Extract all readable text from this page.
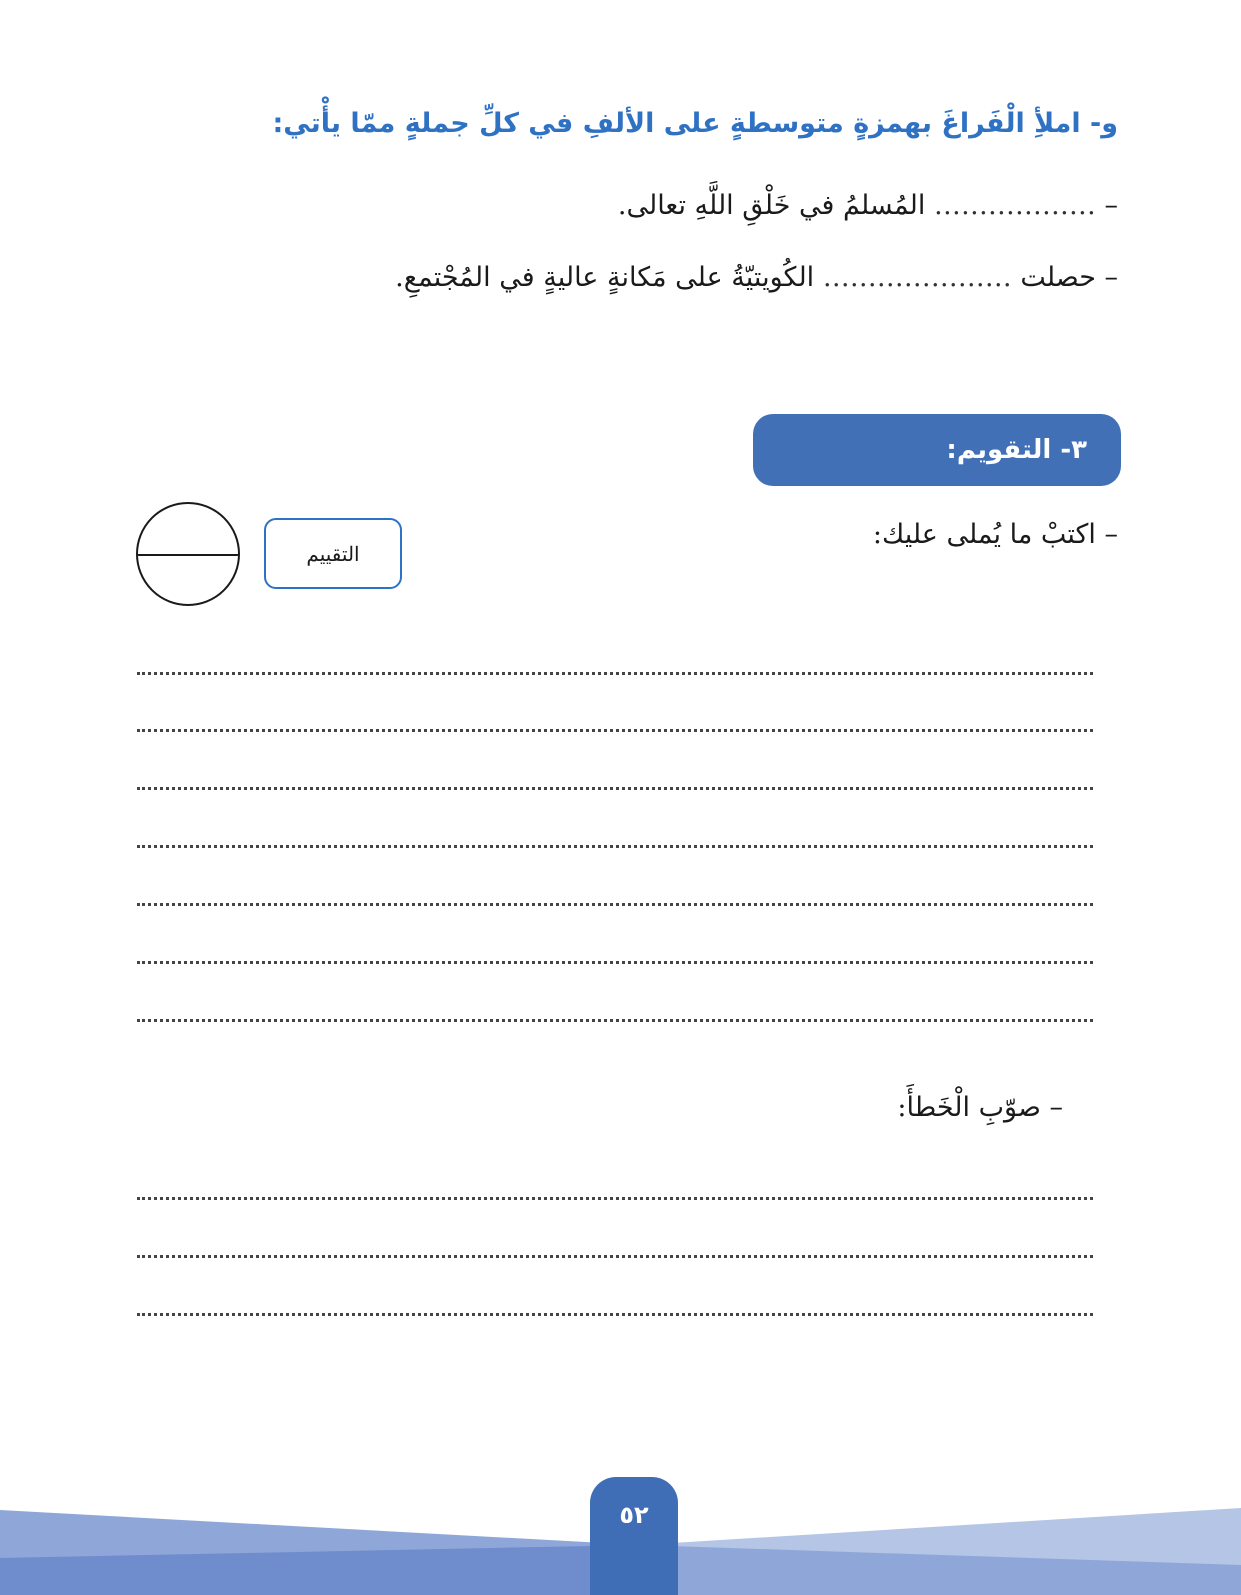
و- املأِ الْفَراغَ بهمزةٍ متوسطةٍ على الألفِ في كلِّ جملةٍ ممّا يأْتي:
– ……………… المُسلمُ في خَلْقِ اللَّهِ تعالى.
– حصلت ………………… الكُويتيّةُ على مَكانةٍ عاليةٍ في المُجْتمعِ.
٣- التقويم:
– اكتبْ ما يُملى عليك:
التقييم
– صوّبِ الْخَطأَ:
٥٢
